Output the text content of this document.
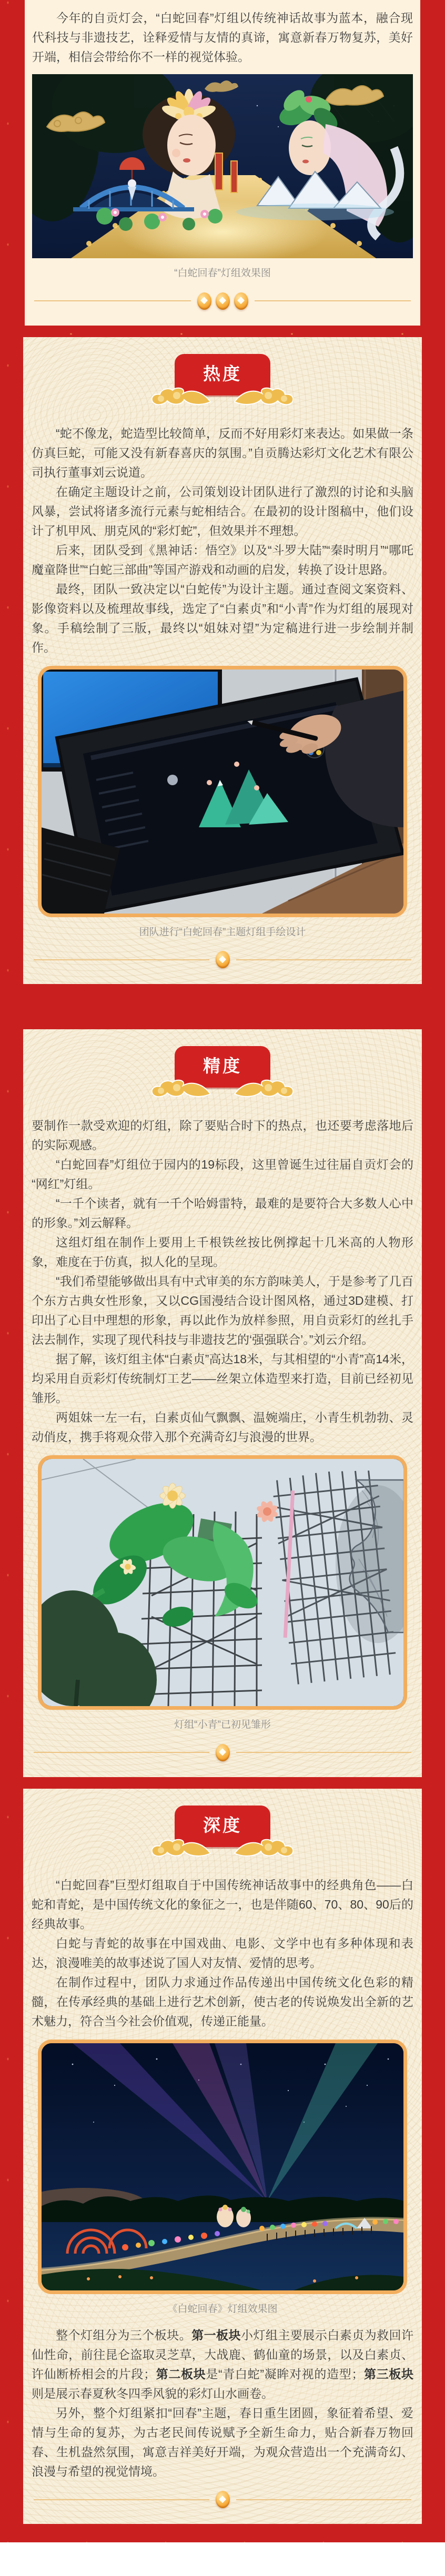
今年的自贡灯会，“白蛇回春”灯组以传统神话故事为蓝本，融合现代科技与非遗技艺，诠释爱情与友情的真谛，寓意新春万物复苏，美好开端，相信会带给你不一样的视觉体验。

“白蛇回春”灯组效果图
热度

“蛇不像龙，蛇造型比较简单，反而不好用彩灯来表达。如果做一条仿真巨蛇，可能又没有新春喜庆的氛围。”自贡腾达彩灯文化艺术有限公司执行董事刘云说道。

在确定主题设计之前，公司策划设计团队进行了激烈的讨论和头脑风暴，尝试将诸多流行元素与蛇相结合。在最初的设计图稿中，他们设计了机甲风、朋克风的“彩灯蛇”，但效果并不理想。

后来，团队受到《黑神话：悟空》以及“斗罗大陆”“秦时明月”“哪吒魔童降世”“白蛇三部曲”等国产游戏和动画的启发，转换了设计思路。

最终，团队一致决定以“白蛇传”为设计主题。通过查阅文案资料、影像资料以及梳理故事线，选定了“白素贞”和“小青”作为灯组的展现对象。手稿绘制了三版，最终以“姐妹对望”为定稿进行进一步绘制并制作。

团队进行“白蛇回春”主题灯组手绘设计
精度

要制作一款受欢迎的灯组，除了要贴合时下的热点，也还要考虑落地后的实际观感。

“白蛇回春”灯组位于园内的19标段，这里曾诞生过往届自贡灯会的“网红”灯组。

“一千个读者，就有一千个哈姆雷特，最难的是要符合大多数人心中的形象。”刘云解释。

这组灯组在制作上要用上千根铁丝按比例撑起十几米高的人物形象，难度在于仿真，拟人化的呈现。

“我们希望能够做出具有中式审美的东方韵味美人，于是参考了几百个东方古典女性形象，又以CG国漫结合设计图风格，通过3D建模、打印出了心目中理想的形象，再以此作为放样参照，用自贡彩灯的丝扎手法去制作，实现了现代科技与非遗技艺的‘强强联合’。”刘云介绍。

据了解，该灯组主体“白素贞”高达18米，与其相望的“小青”高14米，均采用自贡彩灯传统制灯工艺——丝架立体造型来打造，目前已经初见雏形。

两姐妹一左一右，白素贞仙气飘飘、温婉端庄，小青生机勃勃、灵动俏皮，携手将观众带入那个充满奇幻与浪漫的世界。

灯组“小青”已初见雏形
深度

“白蛇回春”巨型灯组取自于中国传统神话故事中的经典角色——白蛇和青蛇，是中国传统文化的象征之一，也是伴随60、70、80、90后的经典故事。

白蛇与青蛇的故事在中国戏曲、电影、文学中也有多种体现和表达，浪漫唯美的故事述说了国人对友情、爱情的思考。

在制作过程中，团队力求通过作品传递出中国传统文化色彩的精髓，在传承经典的基础上进行艺术创新，使古老的传说焕发出全新的艺术魅力，符合当今社会价值观，传递正能量。

《白蛇回春》灯组效果图

整个灯组分为三个板块。第一板块小灯组主要展示白素贞为救回许仙性命，前往昆仑盗取灵芝草，大战鹿、鹤仙童的场景，以及白素贞、许仙断桥相会的片段；第二板块是“青白蛇”凝眸对视的造型；第三板块则是展示春夏秋冬四季风貌的彩灯山水画卷。

另外，整个灯组紧扣“回春”主题，春日重生团圆，象征着希望、爱情与生命的复苏，为古老民间传说赋予全新生命力，贴合新春万物回春、生机盎然氛围，寓意吉祥美好开端，为观众营造出一个充满奇幻、浪漫与希望的视觉情境。
